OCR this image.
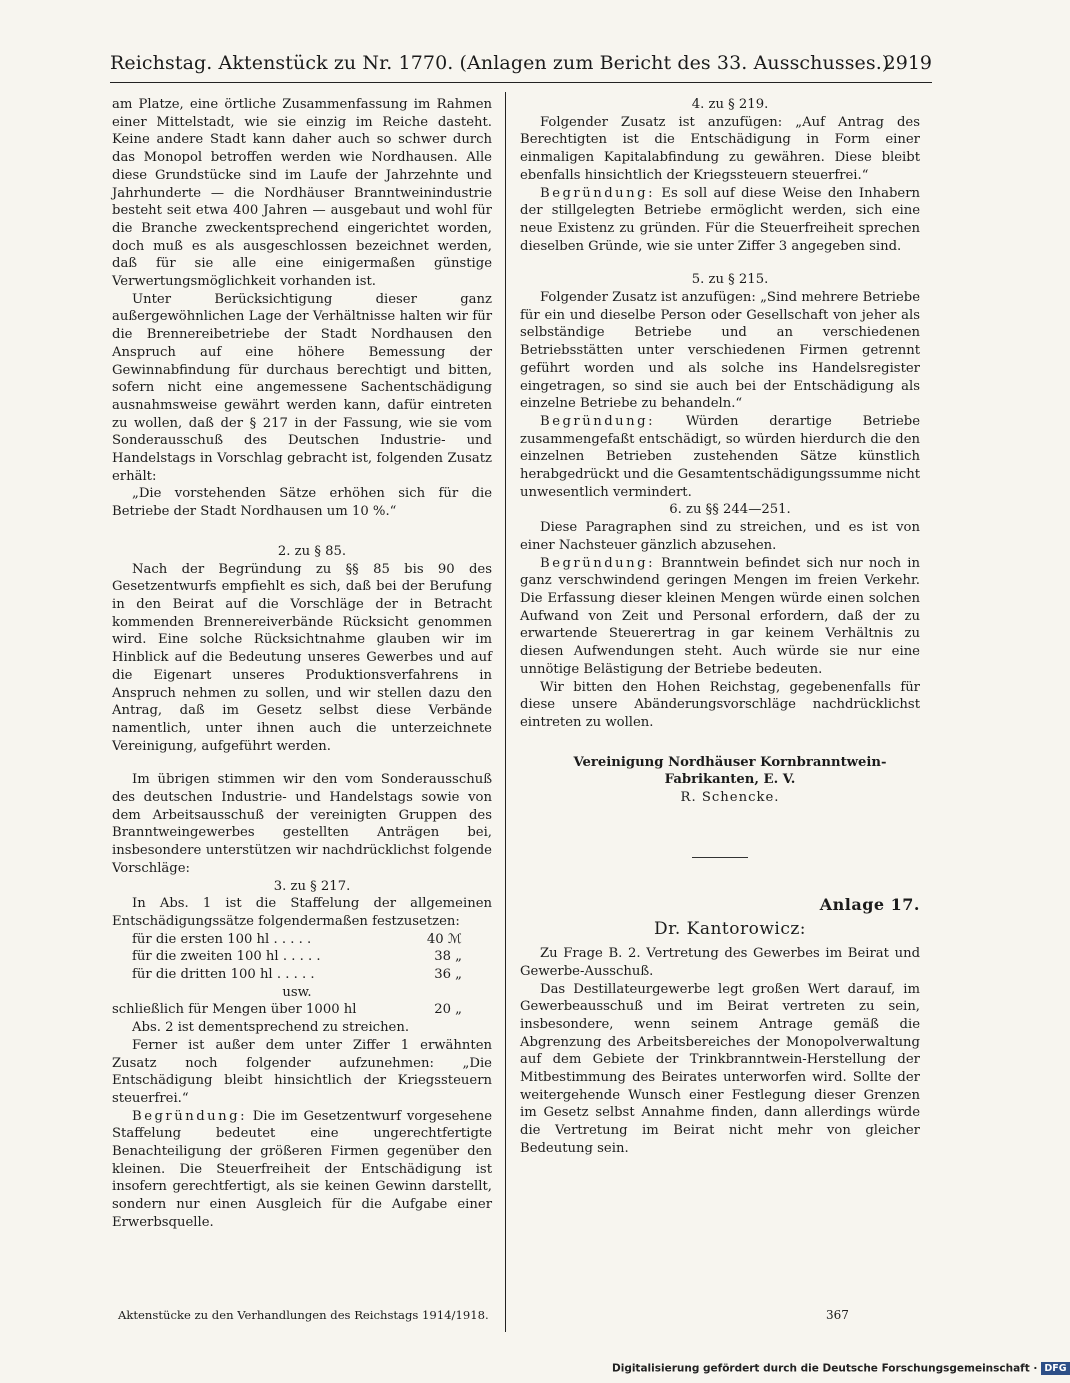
Reichstag. Aktenstück zu Nr. 1770. (Anlagen zum Bericht des 33. Ausschusses.)
2919

am Platze, eine örtliche Zusammenfassung im Rahmen einer Mittelstadt, wie sie einzig im Reiche dasteht. Keine andere Stadt kann daher auch so schwer durch das Monopol betroffen werden wie Nordhausen. Alle diese Grundstücke sind im Laufe der Jahrzehnte und Jahrhunderte — die Nordhäuser Branntweinindustrie besteht seit etwa 400 Jahren — ausgebaut und wohl für die Branche zweckentsprechend eingerichtet worden, doch muß es als ausgeschlossen bezeichnet werden, daß für sie alle eine einigermaßen günstige Verwertungsmöglichkeit vorhanden ist.

Unter Berücksichtigung dieser ganz außergewöhnlichen Lage der Verhältnisse halten wir für die Brennereibetriebe der Stadt Nordhausen den Anspruch auf eine höhere Bemessung der Gewinnabfindung für durchaus berechtigt und bitten, sofern nicht eine angemessene Sachentschädigung ausnahmsweise gewährt werden kann, dafür eintreten zu wollen, daß der § 217 in der Fassung, wie sie vom Sonderausschuß des Deutschen Industrie- und Handelstags in Vorschlag gebracht ist, folgenden Zusatz erhält:

„Die vorstehenden Sätze erhöhen sich für die Betriebe der Stadt Nordhausen um 10 %.“

2. zu § 85.

Nach der Begründung zu §§ 85 bis 90 des Gesetzentwurfs empfiehlt es sich, daß bei der Berufung in den Beirat auf die Vorschläge der in Betracht kommenden Brennereiverbände Rücksicht genommen wird. Eine solche Rücksichtnahme glauben wir im Hinblick auf die Bedeutung unseres Gewerbes und auf die Eigenart unseres Produktionsverfahrens in Anspruch nehmen zu sollen, und wir stellen dazu den Antrag, daß im Gesetz selbst diese Verbände namentlich, unter ihnen auch die unterzeichnete Vereinigung, aufgeführt werden.

Im übrigen stimmen wir den vom Sonderausschuß des deutschen Industrie- und Handelstags sowie von dem Arbeitsausschuß der vereinigten Gruppen des Branntweingewerbes gestellten Anträgen bei, insbesondere unterstützen wir nachdrücklichst folgende Vorschläge:

3. zu § 217.

In Abs. 1 ist die Staffelung der allgemeinen Entschädigungssätze folgendermaßen festzusetzen:

für die ersten 100 hl . . . . .	40 ℳ
für die zweiten 100 hl . . . . .	38 „
für die dritten 100 hl . . . . .	36 „
usw.
schließlich für Mengen über 1000 hl	20 „

Abs. 2 ist dementsprechend zu streichen.

Ferner ist außer dem unter Ziffer 1 erwähnten Zusatz noch folgender aufzunehmen: „Die Entschädigung bleibt hinsichtlich der Kriegssteuern steuerfrei.“

Begründung: Die im Gesetzentwurf vorgesehene Staffelung bedeutet eine ungerechtfertigte Benachteiligung der größeren Firmen gegenüber den kleinen. Die Steuerfreiheit der Entschädigung ist insofern gerechtfertigt, als sie keinen Gewinn darstellt, sondern nur einen Ausgleich für die Aufgabe einer Erwerbsquelle.

4. zu § 219.

Folgender Zusatz ist anzufügen: „Auf Antrag des Berechtigten ist die Entschädigung in Form einer einmaligen Kapitalabfindung zu gewähren. Diese bleibt ebenfalls hinsichtlich der Kriegssteuern steuerfrei.“

Begründung: Es soll auf diese Weise den Inhabern der stillgelegten Betriebe ermöglicht werden, sich eine neue Existenz zu gründen. Für die Steuerfreiheit sprechen dieselben Gründe, wie sie unter Ziffer 3 angegeben sind.

5. zu § 215.

Folgender Zusatz ist anzufügen: „Sind mehrere Betriebe für ein und dieselbe Person oder Gesellschaft von jeher als selbständige Betriebe und an verschiedenen Betriebsstätten unter verschiedenen Firmen getrennt geführt worden und als solche ins Handelsregister eingetragen, so sind sie auch bei der Entschädigung als einzelne Betriebe zu behandeln.“

Begründung: Würden derartige Betriebe zusammengefaßt entschädigt, so würden hierdurch die den einzelnen Betrieben zustehenden Sätze künstlich herabgedrückt und die Gesamtentschädigungssumme nicht unwesentlich vermindert.

6. zu §§ 244—251.

Diese Paragraphen sind zu streichen, und es ist von einer Nachsteuer gänzlich abzusehen.

Begründung: Branntwein befindet sich nur noch in ganz verschwindend geringen Mengen im freien Verkehr. Die Erfassung dieser kleinen Mengen würde einen solchen Aufwand von Zeit und Personal erfordern, daß der zu erwartende Steuerertrag in gar keinem Verhältnis zu diesen Aufwendungen steht. Auch würde sie nur eine unnötige Belästigung der Betriebe bedeuten.

Wir bitten den Hohen Reichstag, gegebenenfalls für diese unsere Abänderungsvorschläge nachdrücklichst eintreten zu wollen.

Vereinigung Nordhäuser Kornbranntwein-

Fabrikanten, E. V.

R. Schencke.

Anlage 17.

Dr. Kantorowicz:

Zu Frage B. 2. Vertretung des Gewerbes im Beirat und Gewerbe-Ausschuß.

Das Destillateurgewerbe legt großen Wert darauf, im Gewerbeausschuß und im Beirat vertreten zu sein, insbesondere, wenn seinem Antrage gemäß die Abgrenzung des Arbeitsbereiches der Monopolverwaltung auf dem Gebiete der Trinkbranntwein-Herstellung der Mitbestimmung des Beirates unterworfen wird. Sollte der weitergehende Wunsch einer Festlegung dieser Grenzen im Gesetz selbst Annahme finden, dann allerdings würde die Vertretung im Beirat nicht mehr von gleicher Bedeutung sein.

Aktenstücke zu den Verhandlungen des Reichstags 1914/1918.	367
Digitalisierung gefördert durch die Deutsche Forschungsgemeinschaft · DFG
